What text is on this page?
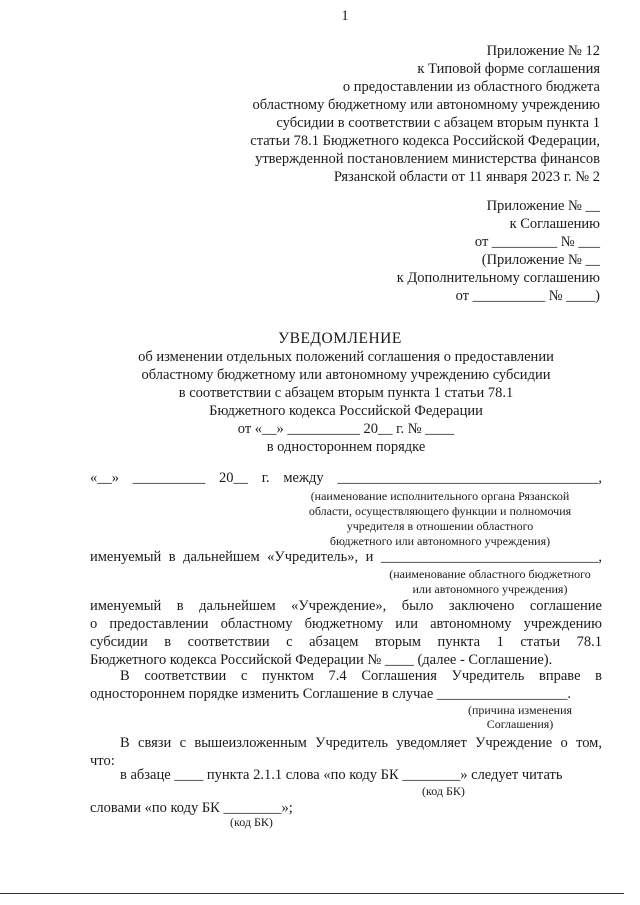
1
Приложение № 12
к Типовой форме соглашения
о предоставлении из областного бюджета
областному бюджетному или автономному учреждению
субсидии в соответствии с абзацем вторым пункта 1
статьи 78.1 Бюджетного кодекса Российской Федерации,
утвержденной постановлением министерства финансов
Рязанской области от 11 января 2023 г. № 2
Приложение № __
к Соглашению
от _________ № ___
(Приложение № __
к Дополнительному соглашению
от __________ № ____)
УВЕДОМЛЕНИЕ
об изменении отдельных положений соглашения о предоставлении
областному бюджетному или автономному учреждению субсидии
в соответствии с абзацем вторым пункта 1 статьи 78.1
Бюджетного кодекса Российской Федерации
от «__» __________ 20__ г. № ____
в одностороннем порядке
«__» __________ 20__ г. между ____________________________________,
(наименование исполнительного органа Рязанской
области, осуществляющего функции и полномочия
учредителя в отношении областного
бюджетного или автономного учреждения)
именуемый в дальнейшем «Учредитель», и ______________________________,
(наименование областного бюджетного
или автономного учреждения)
именуемый в дальнейшем «Учреждение», было заключено соглашение
о предоставлении областному бюджетному или автономному учреждению
субсидии в соответствии с абзацем вторым пункта 1 статьи 78.1
Бюджетного кодекса Российской Федерации № ____ (далее - Соглашение).
В соответствии с пунктом 7.4 Соглашения Учредитель вправе в
одностороннем порядке изменить Соглашение в случае __________________.
(причина изменения
Соглашения)
В связи с вышеизложенным Учредитель уведомляет Учреждение о том,
что:
в абзаце ____ пункта 2.1.1 слова «по коду БК ________» следует читать
(код БК)
словами «по коду БК ________»;
(код БК)
